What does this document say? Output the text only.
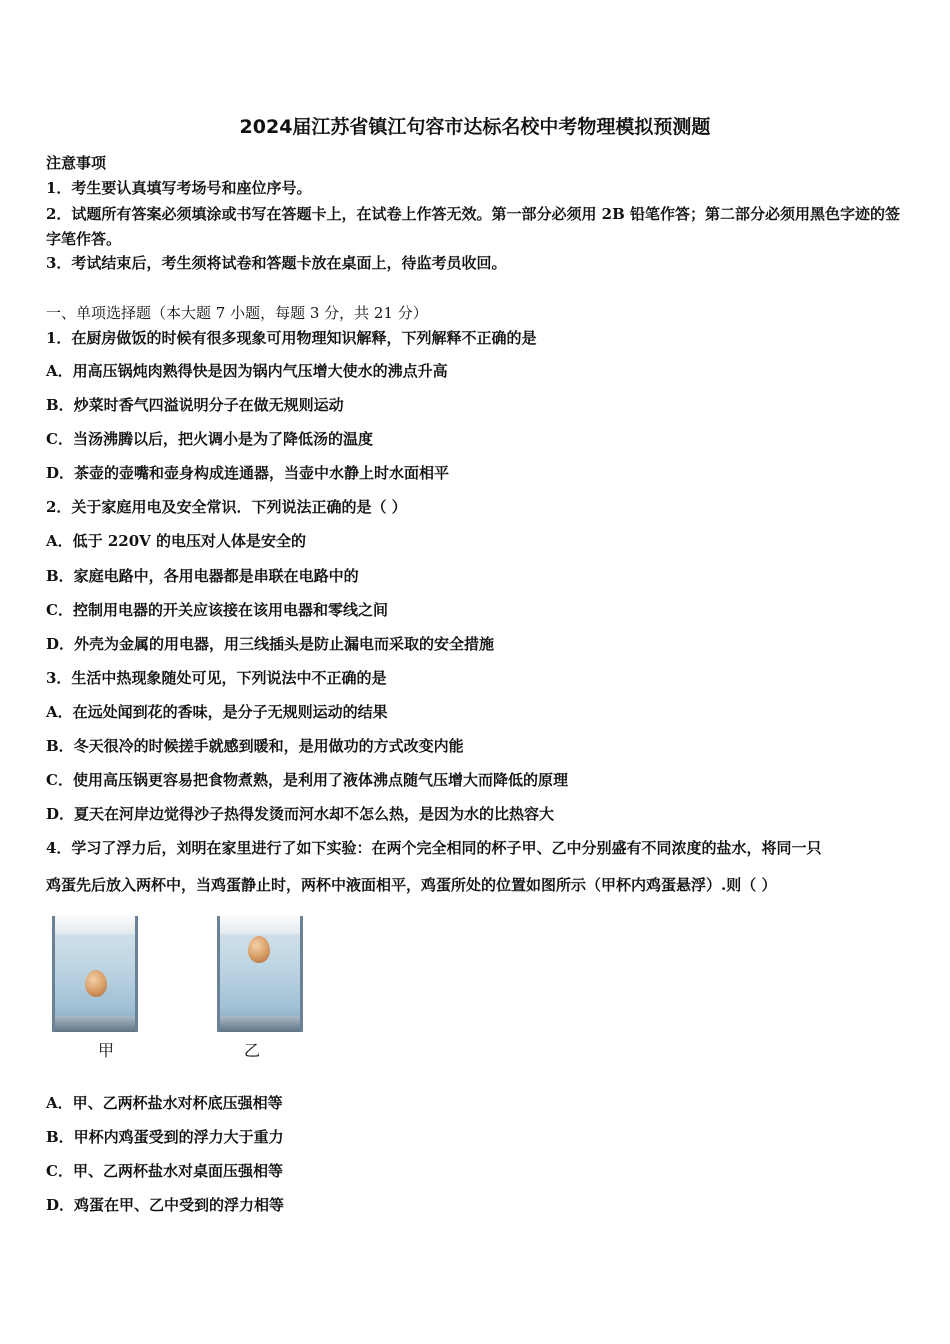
2024届江苏省镇江句容市达标名校中考物理模拟预测题
注意事项
1．考生要认真填写考场号和座位序号。
2．试题所有答案必须填涂或书写在答题卡上，在试卷上作答无效。第一部分必须用 2B 铅笔作答；第二部分必须用黑色字迹的签字笔作答。
3．考试结束后，考生须将试卷和答题卡放在桌面上，待监考员收回。
一、单项选择题（本大题 7 小题，每题 3 分，共 21 分）
1．在厨房做饭的时候有很多现象可用物理知识解释，下列解释不正确的是
A．用高压锅炖肉熟得快是因为锅内气压增大使水的沸点升高
B．炒菜时香气四溢说明分子在做无规则运动
C．当汤沸腾以后，把火调小是为了降低汤的温度
D．茶壶的壶嘴和壶身构成连通器，当壶中水静上时水面相平
2．关于家庭用电及安全常识．下列说法正确的是（ ）
A．低于 220V 的电压对人体是安全的
B．家庭电路中，各用电器都是串联在电路中的
C．控制用电器的开关应该接在该用电器和零线之间
D．外壳为金属的用电器，用三线插头是防止漏电而采取的安全措施
3．生活中热现象随处可见，下列说法中不正确的是
A．在远处闻到花的香味，是分子无规则运动的结果
B．冬天很冷的时候搓手就感到暖和，是用做功的方式改变内能
C．使用高压锅更容易把食物煮熟，是利用了液体沸点随气压增大而降低的原理
D．夏天在河岸边觉得沙子热得发烫而河水却不怎么热，是因为水的比热容大
4．学习了浮力后，刘明在家里进行了如下实验：在两个完全相同的杯子甲、乙中分别盛有不同浓度的盐水，将同一只
鸡蛋先后放入两杯中，当鸡蛋静止时，两杯中液面相平，鸡蛋所处的位置如图所示（甲杯内鸡蛋悬浮）.则（ ）
甲	乙
A．甲、乙两杯盐水对杯底压强相等
B．甲杯内鸡蛋受到的浮力大于重力
C．甲、乙两杯盐水对桌面压强相等
D．鸡蛋在甲、乙中受到的浮力相等
